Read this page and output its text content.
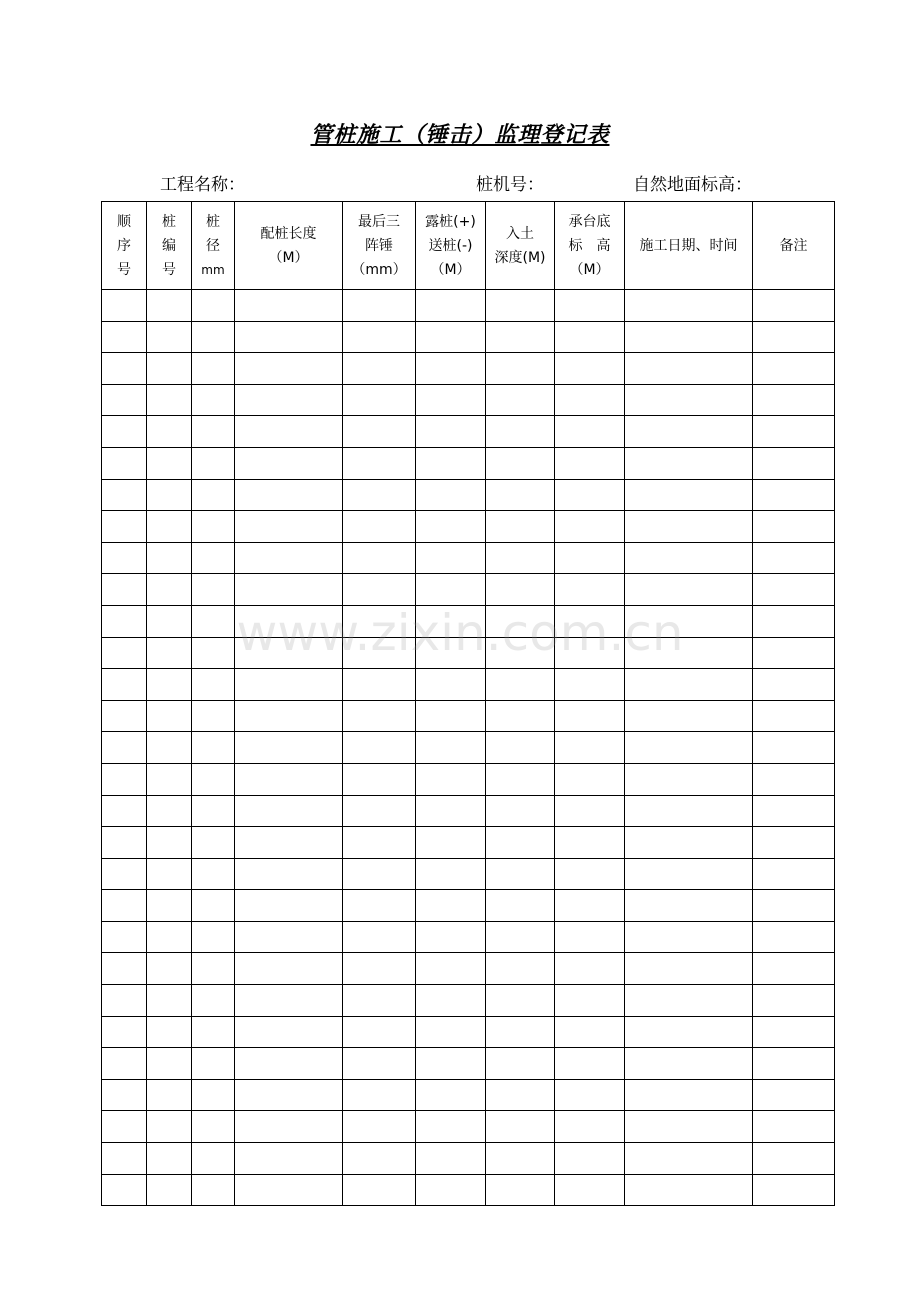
管桩施工（锤击）监理登记表
工程名称：	桩机号：	自然地面标高：
顺
序
号	桩
编
号	桩
径
mm	配桩长度
（M）	最后三
阵锤
（mm）	露桩(+)
送桩(-)
（M）	入土
深度(M)	承台底
标　高
（M）	施工日期、时间	备注

www.zixin.com.cn
